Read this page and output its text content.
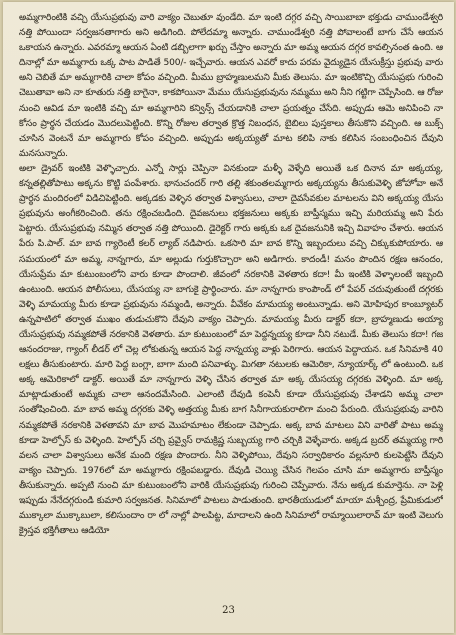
అమ్మగారింటికి వచ్చి యేసుప్రభువు వారి వాక్యం చెబుతూ వుండేది. మా ఇంటి దగ్గర వచ్చి సాయిబాబా భక్తుడు చాముండేశ్వరి నత్తి పోయిందా సర్వజనతాగారు అని అడిగింది. పోలేదమ్మా అన్నారు. చాముండేశ్వరి నత్తి పోవాలంటే బాగు చేసే ఆయన ఒకాయన ఉన్నారు. ఎవరమ్మా ఆయన ఏంటి డబ్బిలాగా ఖర్చు చేస్తాం అన్నారు మా అమ్మ ఆయన దగ్గర కావల్సినంత ఉంది. ఆ దినాల్లో మా అమ్మగారు ఒక్క పాట పాడితే 500/- ఇచ్చేవారు. ఆయన ఎవరో కాదు పరమ వైద్యుడైన యేసుక్రీస్తు ప్రభువు వారు అని చెబితే మా అమ్మగారికి చాలా కోపం వచ్చింది. మీము బ్రాహ్మణులమని మీకు తెలుసు. మా ఇంటికొచ్చి యేసుప్రభు గురించి చెబుతావా అని నా కూతురు నత్తి బాగైనా, కాకపోయినా మేము యేసుప్రభువును నమ్మము అని నీని గట్టిగా చెప్పేసింది. ఆ రోజు నుంచి ఆవిడ మా ఇంటికి వచ్చి మా అమ్మగారిని కన్విన్స్ చేయడానికి చాలా ప్రయత్నం చేసేది. అప్పుడు ఆమె అనిపించి నా కోసం ప్రార్థన చేయడం మొదలుపెట్టింది. కొన్ని రోజుల తర్వాత క్రొత్త నిబంధన, బైబిలు పుస్తకాలు తీసుకొని వచ్చింది. ఆ బుక్స్ చూసిన వెంటనే మా అమ్మగారు కోపం వచ్చింది. అప్పుడు అక్కయ్యతో మాట కలిపి నాకు కలిసిన సంబంధించిన దేవుని మనసున్నారు.

అలా డ్రైవర్ ఇంటికి వెళ్ళొచ్చారు. ఎన్నో సార్లు చెప్పినా వినకుండా మళ్ళీ వెళ్ళేది అయితే ఒక దినాన మా అక్కయ్య, కన్నతల్లితోపాటు అక్కను కొట్టి పంపేశారు. భానుచందర్ గారి తల్లి శకుంతలమ్మగారు అక్కయ్యను తీసుకువెళ్ళి జోహోవా అనే ప్రార్థన మందిరంలో విడిచిపెట్టింది. అక్కడకు వెళ్ళిన తర్వాత విశ్వాసులు, చాలా దైవసేవకుల మాటలను విని అక్కయ్య యేసు ప్రభువును అంగీకరించింది. తను రక్షించబడింది. దైవజనులు భక్తజనులు అక్కకు బాప్తీస్మము ఇచ్చి మరియమ్మ అని పేరు పెట్టారు. యేసుప్రభువు నమ్మిన తర్వాత నత్తి పోయింది. డైరెక్టర్ గారు అక్కకు ఒక దైవజనునికి ఇచ్చి వివాహం చేశారు. ఆయన పేరు పి.పాల్. మా బావ గ్యారెంటీ కలర్ ల్యాబ్ నడిపారు. ఒకసారి మా బావ కొన్ని ఇబ్బందులు వచ్చి చిక్కుకుపోయారు. ఆ సమయంలో మా అమ్మ, నాన్నగారు, మా అల్లుడు గుర్తుకొచ్చారా అని అడిగారు. కాదండీ! మనం పొందిన రక్షణ ఆనందం, యేసుప్రేమ మా కుటుంబంలోని వారు కూడా పొందాలి. జీవంలో నరకానికి వెళతారు కదా! మీ ఇంటికి వెళ్ళాలంటే ఇబ్బంది ఉంటుంది. ఆయన పోలీసులు, యేసయ్య నా బాగుకై ప్రార్థించారు. మా నాన్నగారు కాంపౌండ్ లో పేపర్ చదువుతుంటే దగ్గరకు వెళ్ళి మామయ్య మీరు కూడా ప్రభువును నమ్మండి, అన్నారు. వీవేకం మామయ్య అంటున్నాడు. అని మోహిపుర కాంబ్యూటర్ ఉన్నపాటిలో తర్వాత ముఖం తుడుచుకొని దేవుని వాక్యం చెప్పారు. మామయ్య మీరు డాక్టర్ కదా, బ్రాహ్మణుడు అయ్యా యేసుప్రభువు నమ్మకపోతే నరకానికి వెళతారు. మా కుటుంబంలో మా పెద్దన్నయ్య కూడా నీని నటుడే. మీకు తెలుసు కదా! గజ ఆనందరాజు, గ్యాంగ్ లీడర్ లో చెల్ల లోకుతున్న ఆయన పెద్ద నాన్నయ్య వాళ్లు పెరిగారు. ఆయన పెద్దాయన. ఒక సినిమాకి 40 లక్షలు తీసుకుంటారు. మారి పెద్ద బంగ్లా, బాగా మంది పనివాళ్ళు. మిగతా నటులకు ఆమెరికా, న్యూయార్క్ లో ఉంటుంది. ఒక అక్క ఆమెరికాలో డాక్టర్. అయితే మా నాన్నగారు వెళ్ళి చేసిన తర్వాత మా అక్క యేసయ్య దగ్గరకు వెళ్ళింది. మా అక్క మాట్లాడుతుంటే అమ్మకు చాలా ఆనందమేసింది. ఎలాంటి దేవుడి కంపెనీ కూడా యేసుప్రభువు చేశాడని అమ్మ చాలా సంతోషించింది. మా బావ అమ్మ దగ్గరకు వెళ్ళి అత్తయ్య మీకు బాగ సినీగాయకురాలిగా మంచి పేరుంది. యేసుప్రభువు వారిని నమ్మకపోతే నరకానికి వెళతావని మా బావ మొహమాటం లేకుండా చెప్పాడు. అక్క బావ మాటలు విని వారితో పాటు అమ్మ కూడా హెల్పోస్ కు వెళ్ళింది. హెల్పోస్ చర్చి ప్రవ్వైస్ రామక్రిష్ణ సుబ్బయ్య గారి చర్చికి వెళ్ళేవారు. అక్కడ బ్రదర్ తమ్మయ్య గారి వలన చాలా విశ్వాసులు అనేక మంది రక్షణ పొందారు. నీని వెళ్ళిపోయి, దేవుని సర్వాధికారం వల్లనూరి కులపెట్టేసి దేవుని వాక్యం చెప్పారు. 1976లో మా అమ్మగారు రక్షింపబడ్డారు. దేవుడి చెయ్యి చేసిన గెలపం చూసి మా అమ్మగారు బాప్తీస్మం తీసుకున్నారు. అప్పటి నుంచి మా కుటుంబంలోని వారికి యేసుప్రభువు గురించి చెప్పేవారు. నేను అక్కడ కుమార్తెను. నా పెళ్లి ఇప్పుడు నేనేదగ్గరుండి కుమారి సర్వజనత. సినిమాలో పాటలు పాడుతుంది. భారతీయుడులో మాయా మశ్చీంద్ర, ప్రేమికుడులో ముక్కాలా ముక్కాబులా, కలిసుందాం రా లో నాల్లో పాలపిట్ట, మాదాలని ఉంది సినిమాలో రామ్మాయిలారావ్ మా ఇంటి వెలుగు క్రైస్తవ భక్తిగీతాలు ఆడియో

23
